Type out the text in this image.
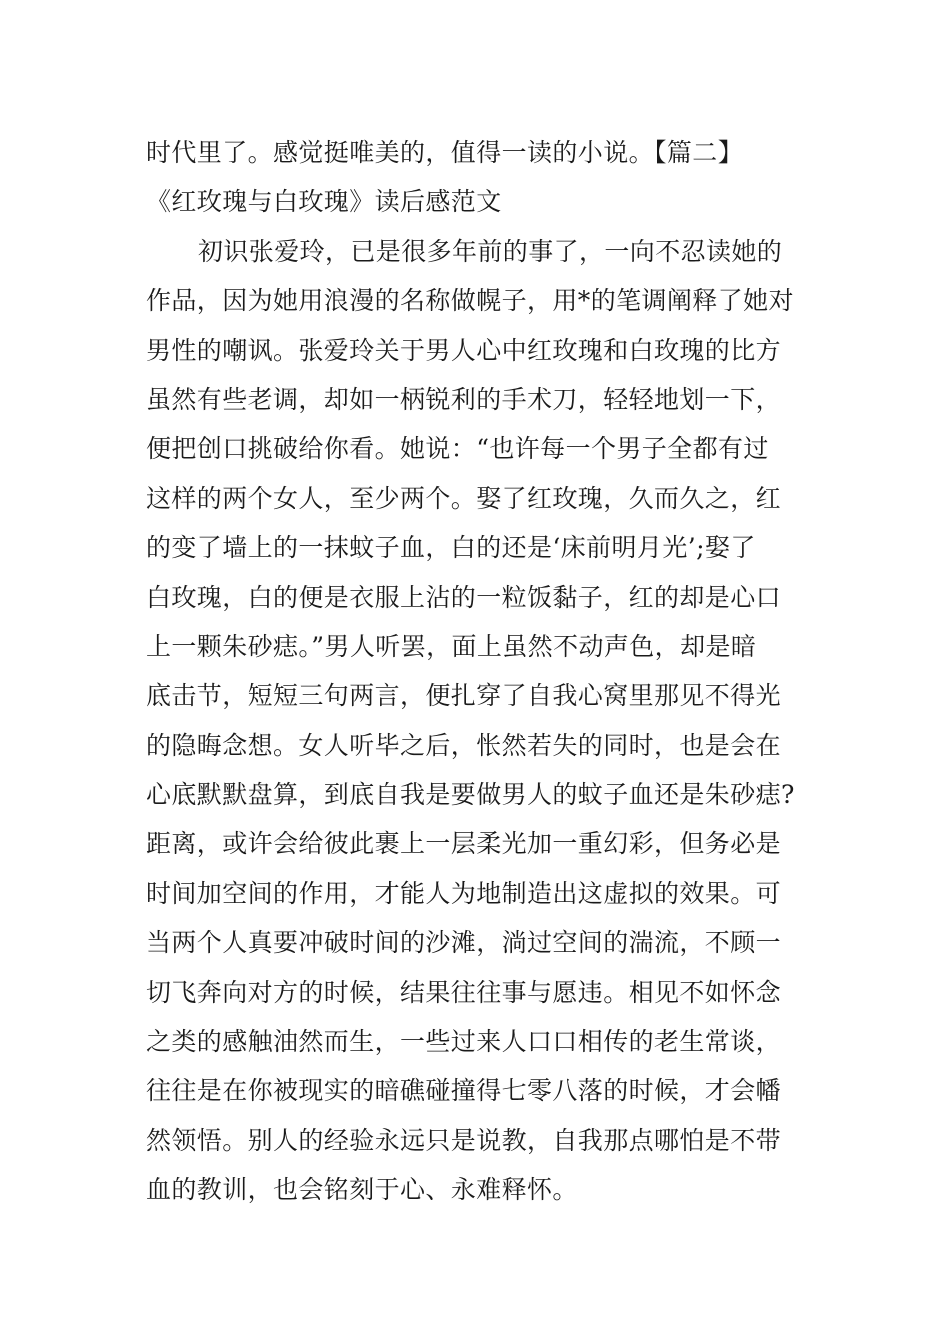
时代里了。感觉挺唯美的，值得一读的小说。【篇二】
《红玫瑰与白玫瑰》读后感范文
初识张爱玲，已是很多年前的事了，一向不忍读她的
作品，因为她用浪漫的名称做幌子，用*的笔调阐释了她对
男性的嘲讽。张爱玲关于男人心中红玫瑰和白玫瑰的比方
虽然有些老调，却如一柄锐利的手术刀，轻轻地划一下，
便把创口挑破给你看。她说：“也许每一个男子全都有过
这样的两个女人，至少两个。娶了红玫瑰，久而久之，红
的变了墙上的一抹蚊子血，白的还是‘床前明月光’;娶了
白玫瑰，白的便是衣服上沾的一粒饭黏子，红的却是心口
上一颗朱砂痣。”男人听罢，面上虽然不动声色，却是暗
底击节，短短三句两言，便扎穿了自我心窝里那见不得光
的隐晦念想。女人听毕之后，怅然若失的同时，也是会在
心底默默盘算，到底自我是要做男人的蚊子血还是朱砂痣?
距离，或许会给彼此裹上一层柔光加一重幻彩，但务必是
时间加空间的作用，才能人为地制造出这虚拟的效果。可
当两个人真要冲破时间的沙滩，淌过空间的湍流，不顾一
切飞奔向对方的时候，结果往往事与愿违。相见不如怀念
之类的感触油然而生，一些过来人口口相传的老生常谈，
往往是在你被现实的暗礁碰撞得七零八落的时候，才会幡
然领悟。别人的经验永远只是说教，自我那点哪怕是不带
血的教训，也会铭刻于心、永难释怀。
